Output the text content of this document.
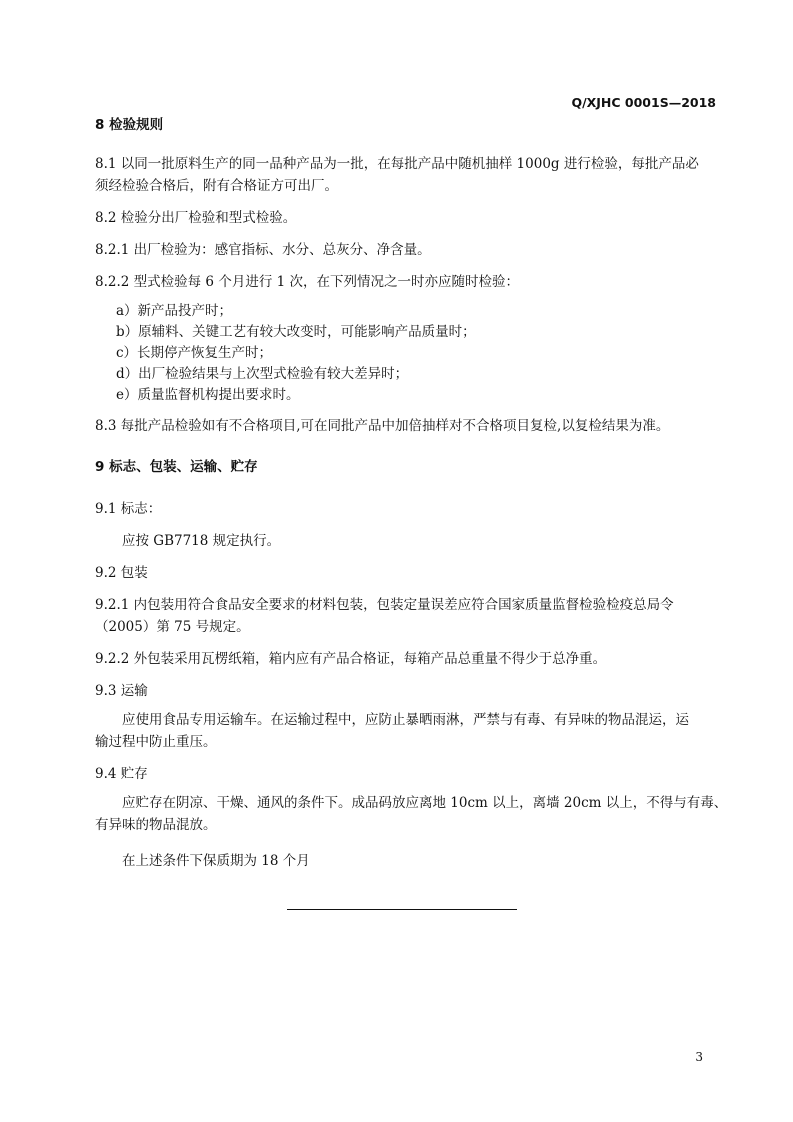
Q/XJHC 0001S—2018
8 检验规则
8.1 以同一批原料生产的同一品种产品为一批，在每批产品中随机抽样 1000g 进行检验，每批产品必
须经检验合格后，附有合格证方可出厂。
8.2 检验分出厂检验和型式检验。
8.2.1 出厂检验为：感官指标、水分、总灰分、净含量。
8.2.2 型式检验每 6 个月进行 1 次，在下列情况之一时亦应随时检验：
a）新产品投产时；
b）原辅料、关键工艺有较大改变时，可能影响产品质量时；
c）长期停产恢复生产时；
d）出厂检验结果与上次型式检验有较大差异时；
e）质量监督机构提出要求时。
8.3 每批产品检验如有不合格项目,可在同批产品中加倍抽样对不合格项目复检,以复检结果为准。
9 标志、包装、运输、贮存
9.1 标志：
应按 GB7718 规定执行。
9.2 包装
9.2.1 内包装用符合食品安全要求的材料包装，包装定量误差应符合国家质量监督检验检疫总局令
（2005）第 75 号规定。
9.2.2 外包装采用瓦楞纸箱，箱内应有产品合格证，每箱产品总重量不得少于总净重。
9.3 运输
应使用食品专用运输车。在运输过程中，应防止暴晒雨淋，严禁与有毒、有异味的物品混运，运
输过程中防止重压。
9.4 贮存
应贮存在阴凉、干燥、通风的条件下。成品码放应离地 10cm 以上，离墙 20cm 以上，不得与有毒、
有异味的物品混放。
在上述条件下保质期为 18 个月
3
